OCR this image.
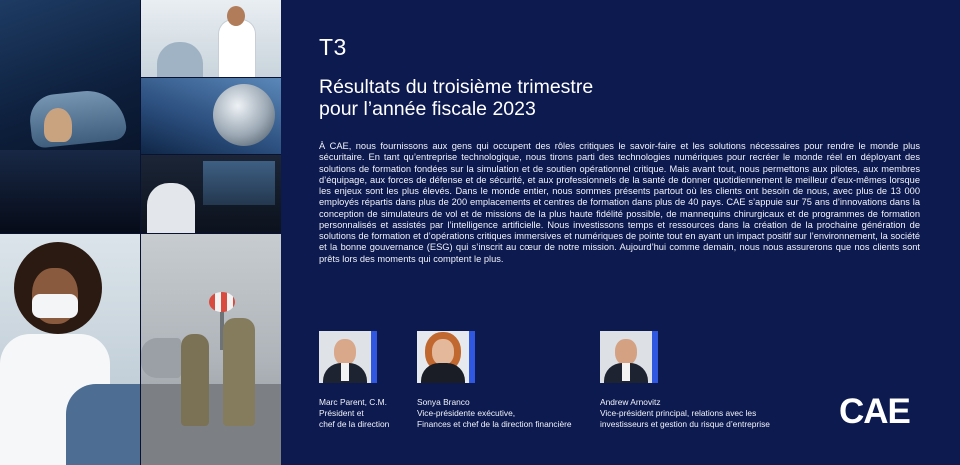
T3
Résultats du troisième trimestre
pour l’année fiscale 2023

À CAE, nous fournissons aux gens qui occupent des rôles critiques le savoir-faire et les solutions nécessaires pour rendre le monde plus sécuritaire. En tant qu’entreprise technologique, nous tirons parti des technologies numériques pour recréer le monde réel en déployant des solutions de formation fondées sur la simulation et de soutien opérationnel critique. Mais avant tout, nous permettons aux pilotes, aux membres d’équipage, aux forces de défense et de sécurité, et aux professionnels de la santé de donner quotidiennement le meilleur d’eux-mêmes lorsque les enjeux sont les plus élevés. Dans le monde entier, nous sommes présents partout où les clients ont besoin de nous, avec plus de 13 000 employés répartis dans plus de 200 emplacements et centres de formation dans plus de 40 pays. CAE s’appuie sur 75 ans d’innovations dans la conception de simulateurs de vol et de missions de la plus haute fidélité possible, de mannequins chirurgicaux et de programmes de formation personnalisés et assistés par l’intelligence artificielle. Nous investissons temps et ressources dans la création de la prochaine génération de solutions de formation et d’opérations critiques immersives et numériques de pointe tout en ayant un impact positif sur l’environnement, la société et la bonne gouvernance (ESG) qui s’inscrit au cœur de notre mission. Aujourd’hui comme demain, nous nous assurerons que nos clients sont prêts lors des moments qui comptent le plus.

Marc Parent, C.M.
Président et
chef de la direction
Sonya Branco
Vice-présidente exécutive,
Finances et chef de la direction financière
Andrew Arnovitz
Vice-président principal, relations avec les
investisseurs et gestion du risque d’entreprise	CAE
